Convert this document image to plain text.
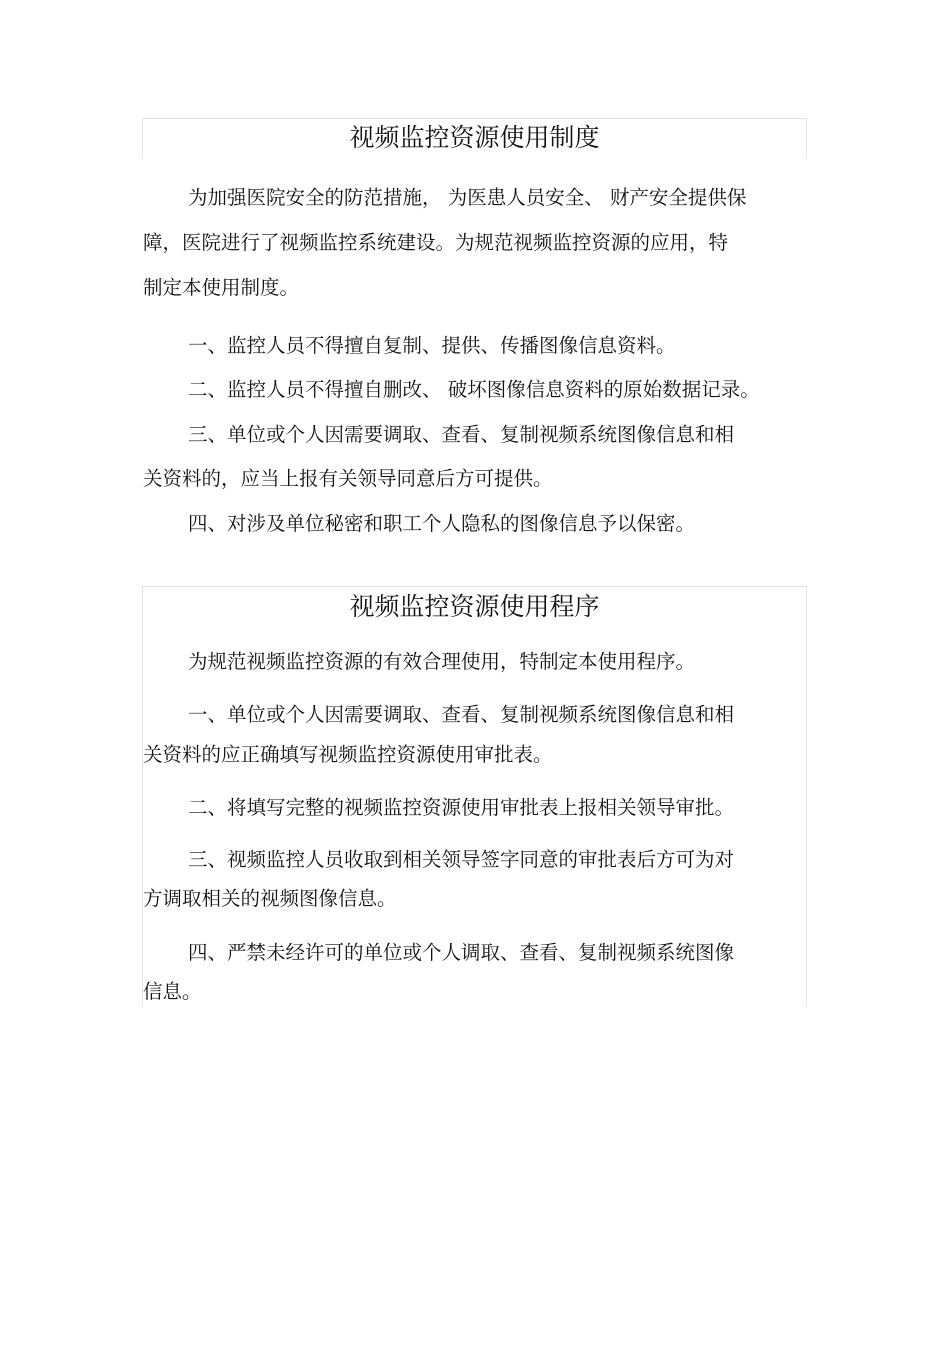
视频监控资源使用制度
为加强医院安全的防范措施， 为医患人员安全、 财产安全提供保
障，医院进行了视频监控系统建设。为规范视频监控资源的应用，特
制定本使用制度。
一、监控人员不得擅自复制、提供、传播图像信息资料。
二、监控人员不得擅自删改、 破坏图像信息资料的原始数据记录。
三、单位或个人因需要调取、查看、复制视频系统图像信息和相
关资料的，应当上报有关领导同意后方可提供。
四、对涉及单位秘密和职工个人隐私的图像信息予以保密。
视频监控资源使用程序
为规范视频监控资源的有效合理使用，特制定本使用程序。
一、单位或个人因需要调取、查看、复制视频系统图像信息和相
关资料的应正确填写视频监控资源使用审批表。
二、将填写完整的视频监控资源使用审批表上报相关领导审批。
三、视频监控人员收取到相关领导签字同意的审批表后方可为对
方调取相关的视频图像信息。
四、严禁未经许可的单位或个人调取、查看、复制视频系统图像
信息。
